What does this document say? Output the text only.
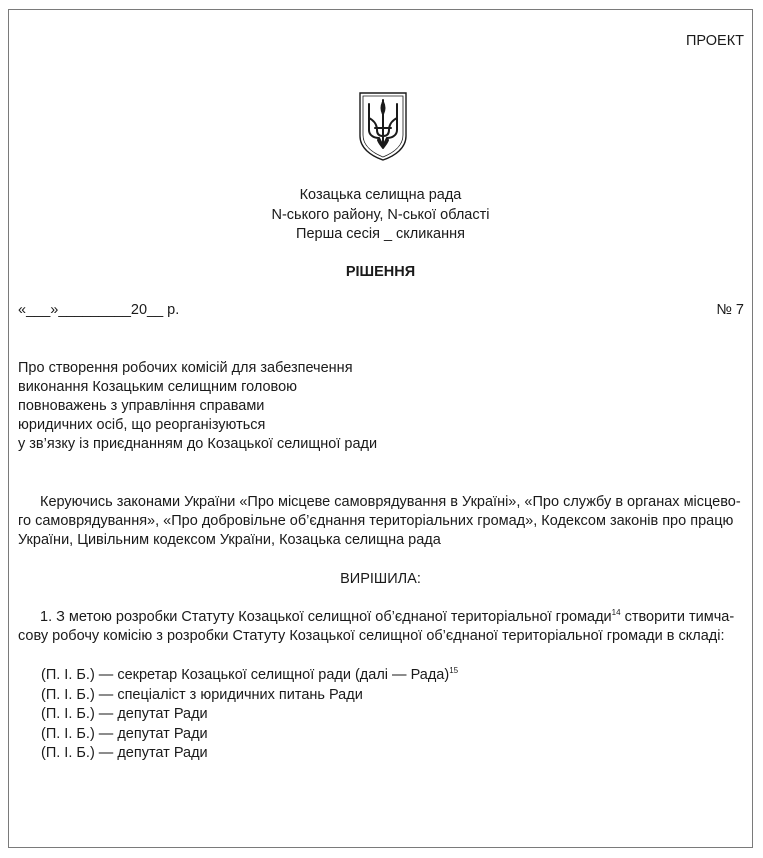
ПРОЕКТ
Козацька селищна рада
N-ського району, N-ської області
Перша сесія _ скликання
РІШЕННЯ
«___»_________20__ р.	№ 7
Про створення робочих комісій для забезпечення
виконання Козацьким селищним головою
повноважень з управління справами
юридичних осіб, що реорганізуються
у зв’язку із приєднанням до Козацької селищної ради
Керуючись законами України «Про місцеве самоврядування в Україні», «Про службу в органах місцево-
го самоврядування», «Про добровільне об’єднання територіальних громад», Кодексом законів про працю
України, Цивільним кодексом України, Козацька селищна рада
ВИРІШИЛА:
1. З метою розробки Статуту Козацької селищної об’єднаної територіальної громади$^{14}$ створити тимча-
сову робочу комісію з розробки Статуту Козацької селищної об’єднаної територіальної громади в складі:
(П. І. Б.) — секретар Козацької селищної ради (далі — Рада)$^{15}$
(П. І. Б.) — спеціаліст з юридичних питань Ради
(П. І. Б.) — депутат Ради
(П. І. Б.) — депутат Ради
(П. І. Б.) — депутат Ради
